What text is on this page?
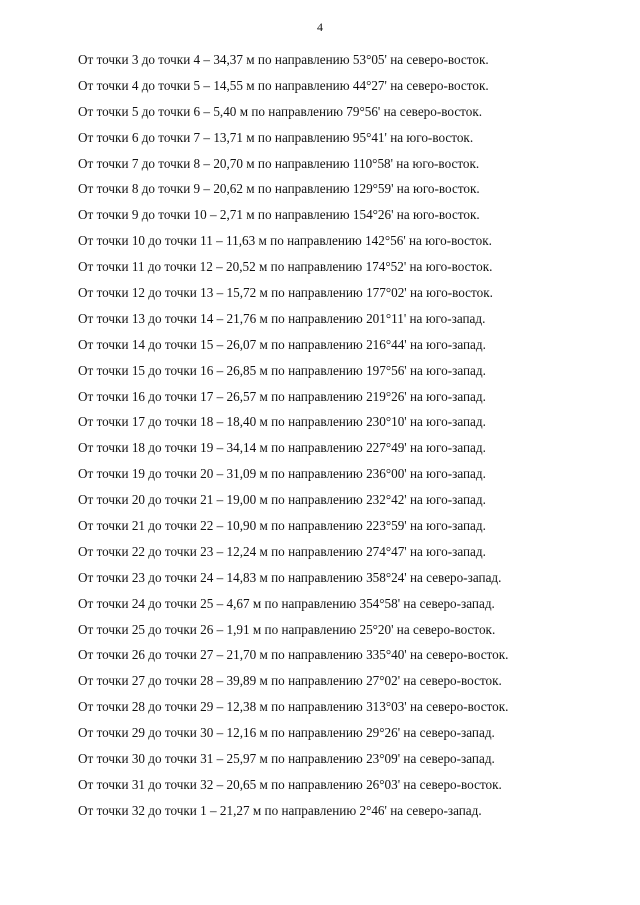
4
От точки 3 до точки 4 – 34,37 м по направлению 53°05' на северо-восток.
От точки 4 до точки 5 – 14,55 м по направлению 44°27' на северо-восток.
От точки 5 до точки 6 – 5,40 м по направлению 79°56' на северо-восток.
От точки 6 до точки 7 – 13,71 м по направлению 95°41' на юго-восток.
От точки 7 до точки 8 – 20,70 м по направлению 110°58' на юго-восток.
От точки 8 до точки 9 – 20,62 м по направлению 129°59' на юго-восток.
От точки 9 до точки 10 – 2,71 м по направлению 154°26' на юго-восток.
От точки 10 до точки 11 – 11,63 м по направлению 142°56' на юго-восток.
От точки 11 до точки 12 – 20,52 м по направлению 174°52' на юго-восток.
От точки 12 до точки 13 – 15,72 м по направлению 177°02' на юго-восток.
От точки 13 до точки 14 – 21,76 м по направлению 201°11' на юго-запад.
От точки 14 до точки 15 – 26,07 м по направлению 216°44' на юго-запад.
От точки 15 до точки 16 – 26,85 м по направлению 197°56' на юго-запад.
От точки 16 до точки 17 – 26,57 м по направлению 219°26' на юго-запад.
От точки 17 до точки 18 – 18,40 м по направлению 230°10' на юго-запад.
От точки 18 до точки 19 – 34,14 м по направлению 227°49' на юго-запад.
От точки 19 до точки 20 – 31,09 м по направлению 236°00' на юго-запад.
От точки 20 до точки 21 – 19,00 м по направлению 232°42' на юго-запад.
От точки 21 до точки 22 – 10,90 м по направлению 223°59' на юго-запад.
От точки 22 до точки 23 – 12,24 м по направлению 274°47' на юго-запад.
От точки 23 до точки 24 – 14,83 м по направлению 358°24' на северо-запад.
От точки 24 до точки 25 – 4,67 м по направлению 354°58' на северо-запад.
От точки 25 до точки 26 – 1,91 м по направлению 25°20' на северо-восток.
От точки 26 до точки 27 – 21,70 м по направлению 335°40' на северо-восток.
От точки 27 до точки 28 – 39,89 м по направлению 27°02' на северо-восток.
От точки 28 до точки 29 – 12,38 м по направлению 313°03' на северо-восток.
От точки 29 до точки 30 – 12,16 м по направлению 29°26' на северо-запад.
От точки 30 до точки 31 – 25,97 м по направлению 23°09' на северо-запад.
От точки 31 до точки 32 – 20,65 м по направлению 26°03' на северо-восток.
От точки 32 до точки 1 – 21,27 м по направлению 2°46' на северо-запад.
